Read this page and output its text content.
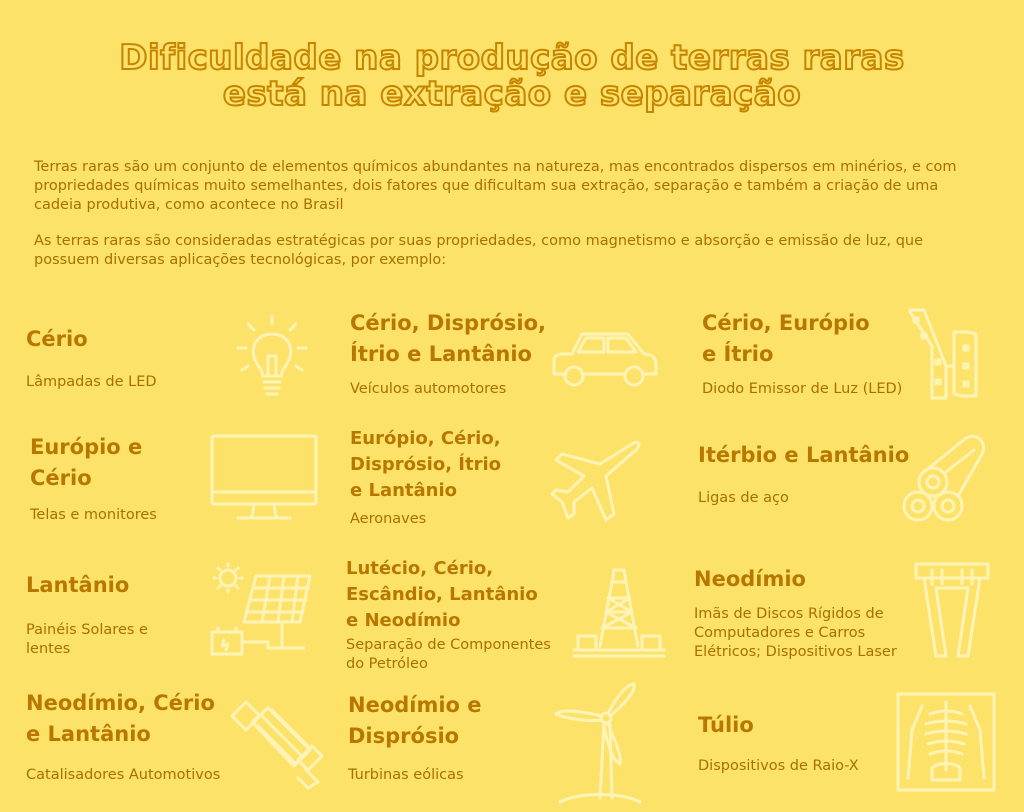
Dificuldade na produção de terras raras
está na extração e separação

Terras raras são um conjunto de elementos químicos abundantes na natureza, mas encontrados dispersos em minérios, e com propriedades químicas muito semelhantes, dois fatores que dificultam sua extração, separação e também a criação de uma cadeia produtiva, como acontece no Brasil

As terras raras são consideradas estratégicas por suas propriedades, como magnetismo e absorção e emissão de luz, que possuem diversas aplicações tecnológicas, por exemplo:

Cério
Lâmpadas de LED
Cério, Disprósio,
Ítrio e Lantânio
Veículos automotores
Cério, Európio
e Ítrio
Diodo Emissor de Luz (LED)
Európio e
Cério
Telas e monitores
Európio, Cério,
Disprósio, Ítrio
e Lantânio
Aeronaves
Itérbio e Lantânio
Ligas de aço
Lantânio
Painéis Solares e
lentes
Lutécio, Cério,
Escândio, Lantânio
e Neodímio
Separação de Componentes
do Petróleo
Neodímio
Imãs de Discos Rígidos de
Computadores e Carros
Elétricos; Dispositivos Laser
Neodímio, Cério
e Lantânio
Catalisadores Automotivos
Neodímio e
Disprósio
Turbinas eólicas
Túlio
Dispositivos de Raio-X
